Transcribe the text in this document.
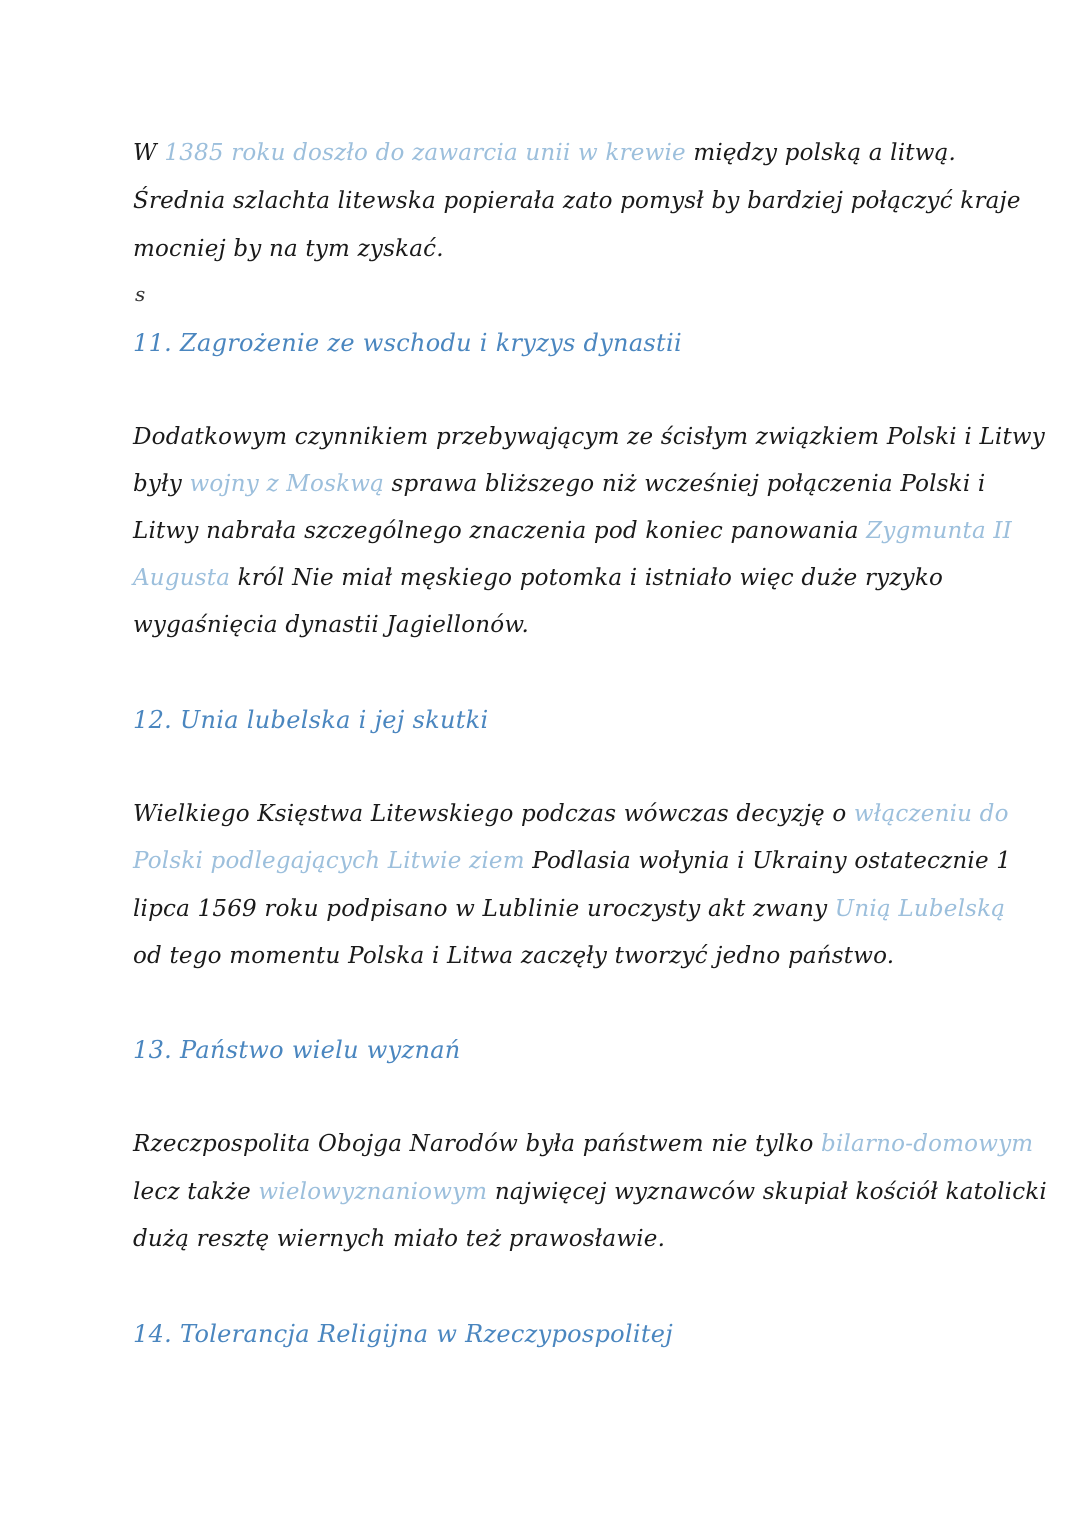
W 1385 roku doszło do zawarcia unii w krewie między polską a litwą.
Średnia szlachta litewska popierała zato pomysł by bardziej połączyć kraje
mocniej by na tym zyskać.
s
11. Zagrożenie ze wschodu i kryzys dynastii
Dodatkowym czynnikiem przebywającym ze ścisłym związkiem Polski i Litwy
były wojny z Moskwą sprawa bliższego niż wcześniej połączenia Polski i
Litwy nabrała szczególnego znaczenia pod koniec panowania Zygmunta II
Augusta król Nie miał męskiego potomka i istniało więc duże ryzyko
wygaśnięcia dynastii Jagiellonów.
12. Unia lubelska i jej skutki
Wielkiego Księstwa Litewskiego podczas wówczas decyzję o włączeniu do
Polski podlegających Litwie ziem Podlasia wołynia i Ukrainy ostatecznie 1
lipca 1569 roku podpisano w Lublinie uroczysty akt zwany Unią Lubelską
od tego momentu Polska i Litwa zaczęły tworzyć jedno państwo.
13. Państwo wielu wyznań
Rzeczpospolita Obojga Narodów była państwem nie tylko bilarno-domowym
lecz także wielowyznaniowym najwięcej wyznawców skupiał kościół katolicki
dużą resztę wiernych miało też prawosławie.
14. Tolerancja Religijna w Rzeczypospolitej
